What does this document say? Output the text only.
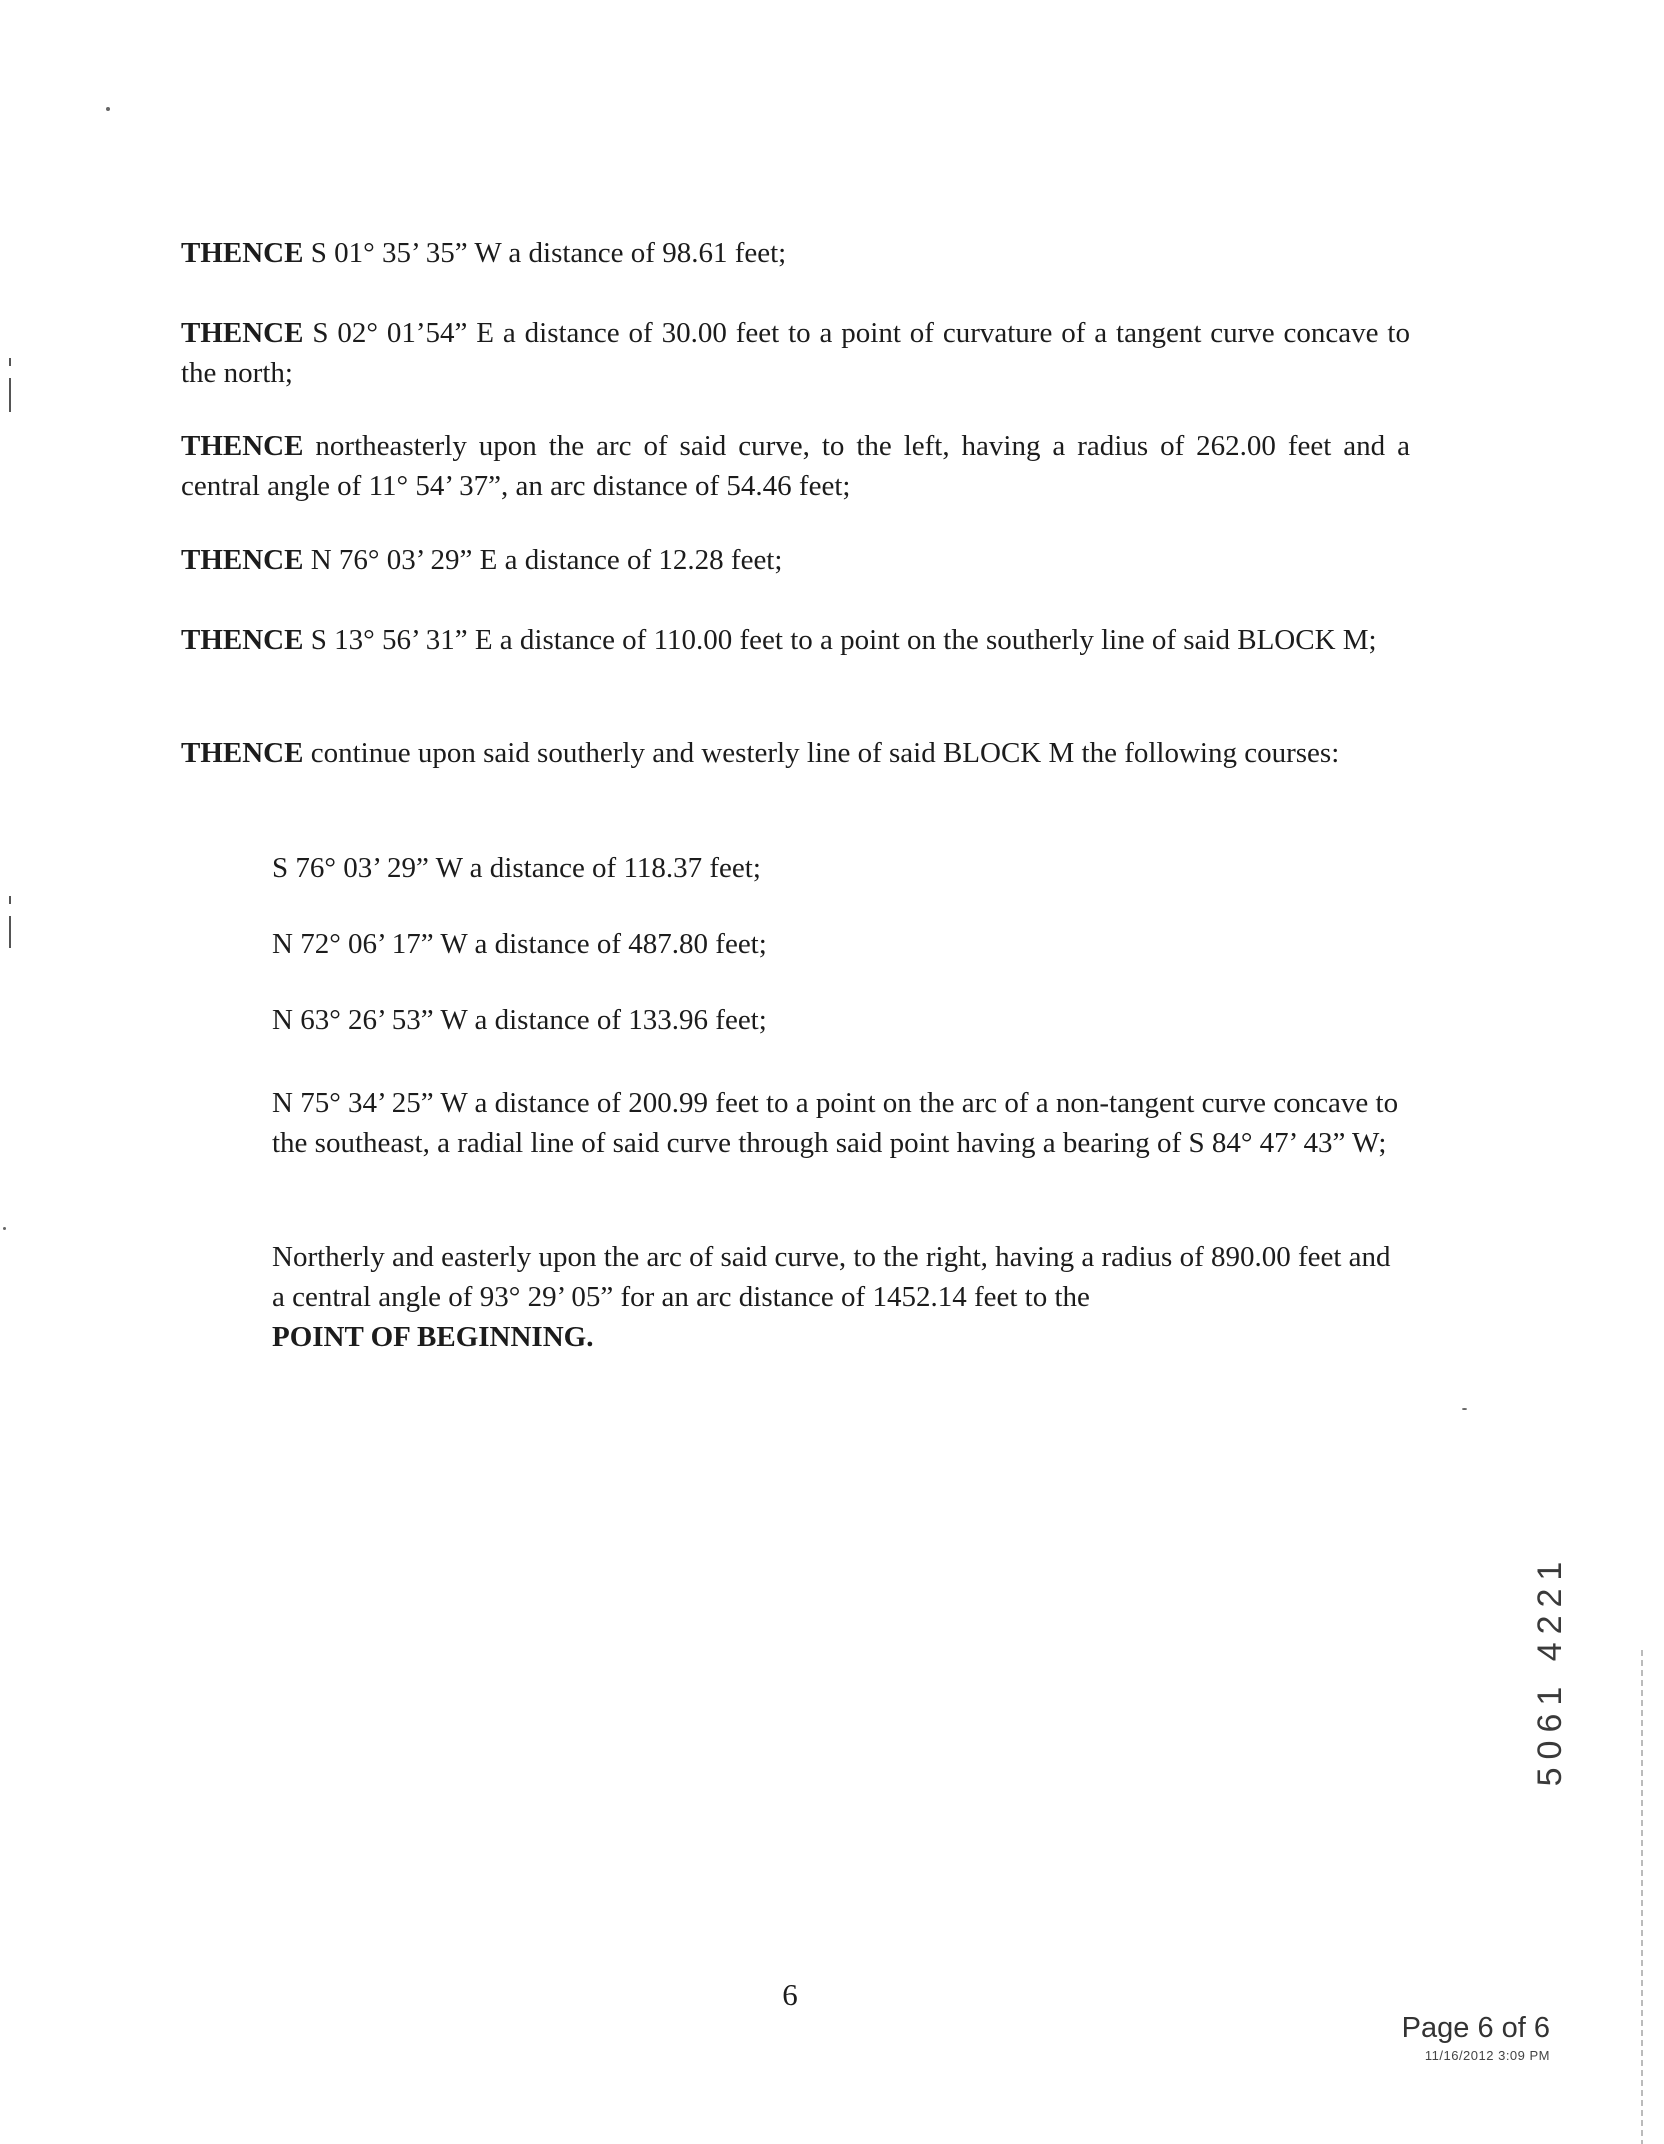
THENCE S 01° 35’ 35” W a distance of 98.61 feet;

THENCE S 02° 01’54” E a distance of 30.00 feet to a point of curvature of a tangent curve concave to the north;

THENCE northeasterly upon the arc of said curve, to the left, having a radius of 262.00 feet and a central angle of 11° 54’ 37”, an arc distance of 54.46 feet;

THENCE N 76° 03’ 29” E a distance of 12.28 feet;

THENCE S 13° 56’ 31” E a distance of 110.00 feet to a point on the southerly line of said BLOCK M;

THENCE continue upon said southerly and westerly line of said BLOCK M the following courses:

S 76° 03’ 29” W a distance of 118.37 feet;

N 72° 06’ 17” W a distance of 487.80 feet;

N 63° 26’ 53” W a distance of 133.96 feet;

N 75° 34’ 25” W a distance of 200.99 feet to a point on the arc of a non-tangent curve concave to the southeast, a radial line of said curve through said point having a bearing of S 84° 47’ 43” W;

Northerly and easterly upon the arc of said curve, to the right, having a radius of 890.00 feet and a central angle of 93° 29’ 05” for an arc distance of 1452.14 feet to the
POINT OF BEGINNING.

6
Page 6 of 6
11/16/2012 3:09 PM
5061 4221
